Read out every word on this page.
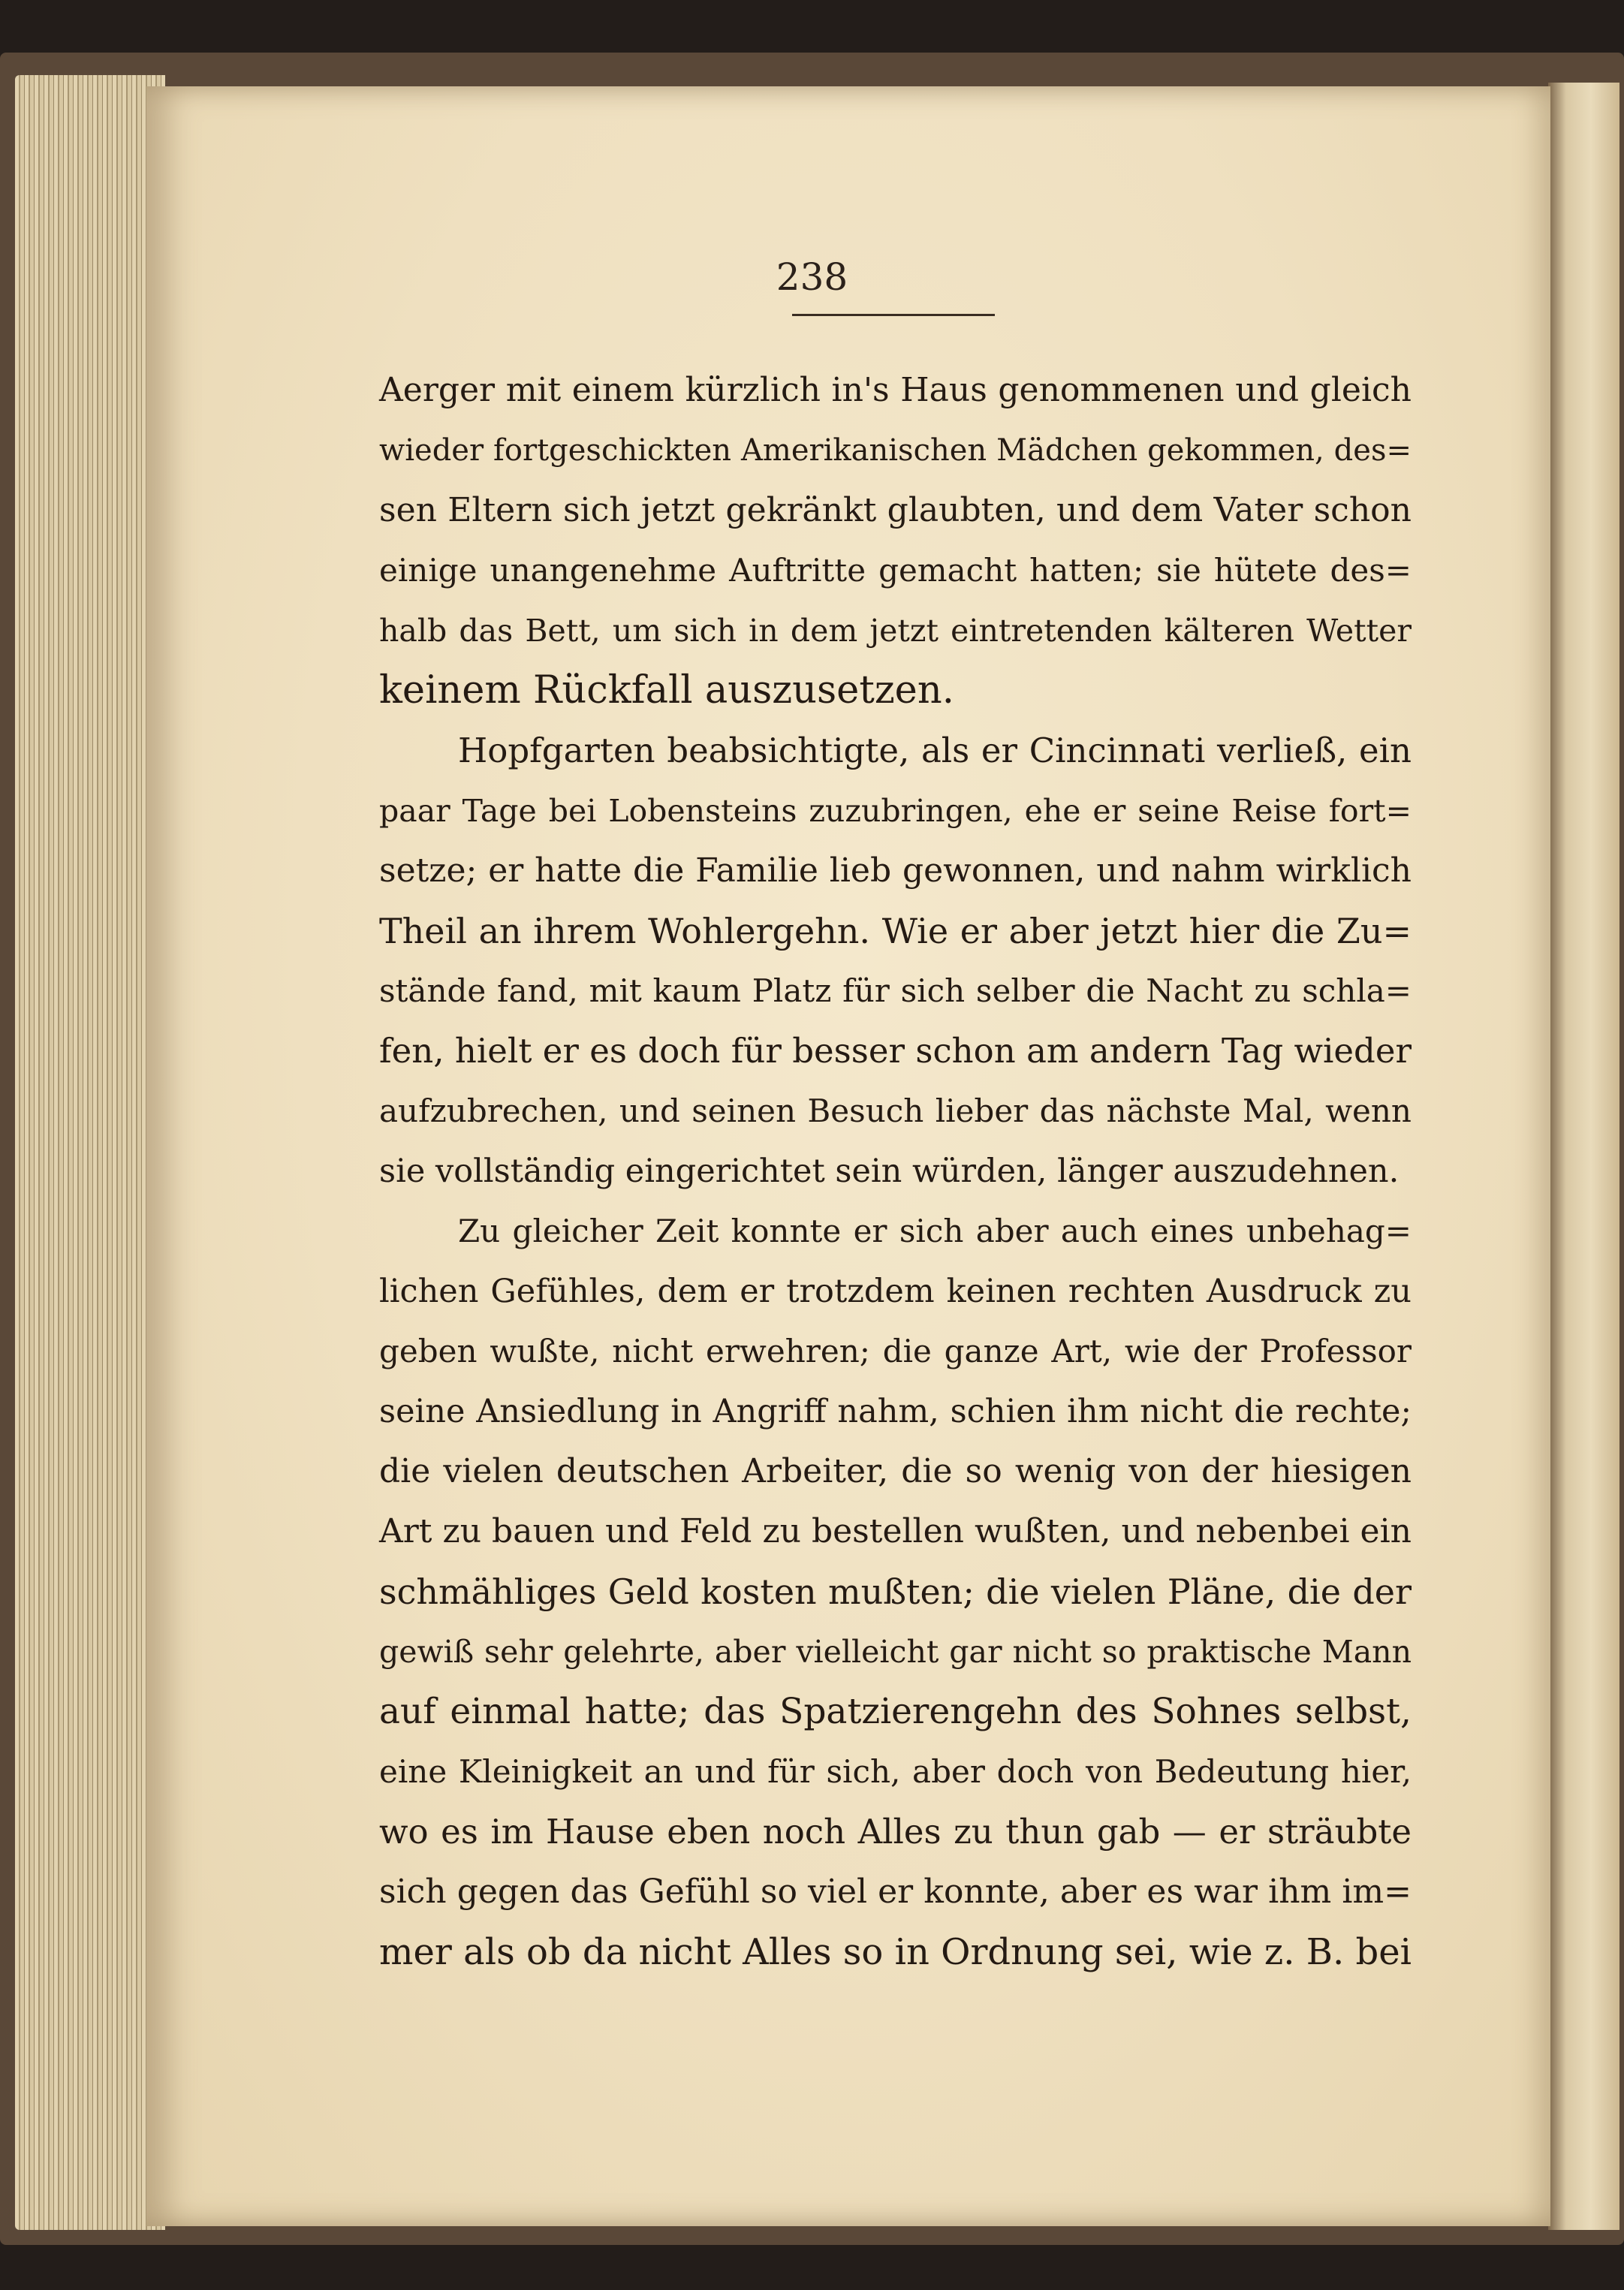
238
Aerger mit einem kürzlich in's Haus genommenen und gleich
wieder fortgeschickten Amerikanischen Mädchen gekommen, des=
sen Eltern sich jetzt gekränkt glaubten, und dem Vater schon
einige unangenehme Auftritte gemacht hatten; sie hütete des=
halb das Bett, um sich in dem jetzt eintretenden kälteren Wetter
keinem Rückfall auszusetzen.
Hopfgarten beabsichtigte, als er Cincinnati verließ, ein
paar Tage bei Lobensteins zuzubringen, ehe er seine Reise fort=
setze; er hatte die Familie lieb gewonnen, und nahm wirklich
Theil an ihrem Wohlergehn. Wie er aber jetzt hier die Zu=
stände fand, mit kaum Platz für sich selber die Nacht zu schla=
fen, hielt er es doch für besser schon am andern Tag wieder
aufzubrechen, und seinen Besuch lieber das nächste Mal, wenn
sie vollständig eingerichtet sein würden, länger auszudehnen.
Zu gleicher Zeit konnte er sich aber auch eines unbehag=
lichen Gefühles, dem er trotzdem keinen rechten Ausdruck zu
geben wußte, nicht erwehren; die ganze Art, wie der Professor
seine Ansiedlung in Angriff nahm, schien ihm nicht die rechte;
die vielen deutschen Arbeiter, die so wenig von der hiesigen
Art zu bauen und Feld zu bestellen wußten, und nebenbei ein
schmähliges Geld kosten mußten; die vielen Pläne, die der
gewiß sehr gelehrte, aber vielleicht gar nicht so praktische Mann
auf einmal hatte; das Spatzierengehn des Sohnes selbst,
eine Kleinigkeit an und für sich, aber doch von Bedeutung hier,
wo es im Hause eben noch Alles zu thun gab — er sträubte
sich gegen das Gefühl so viel er konnte, aber es war ihm im=
mer als ob da nicht Alles so in Ordnung sei, wie z. B. bei
